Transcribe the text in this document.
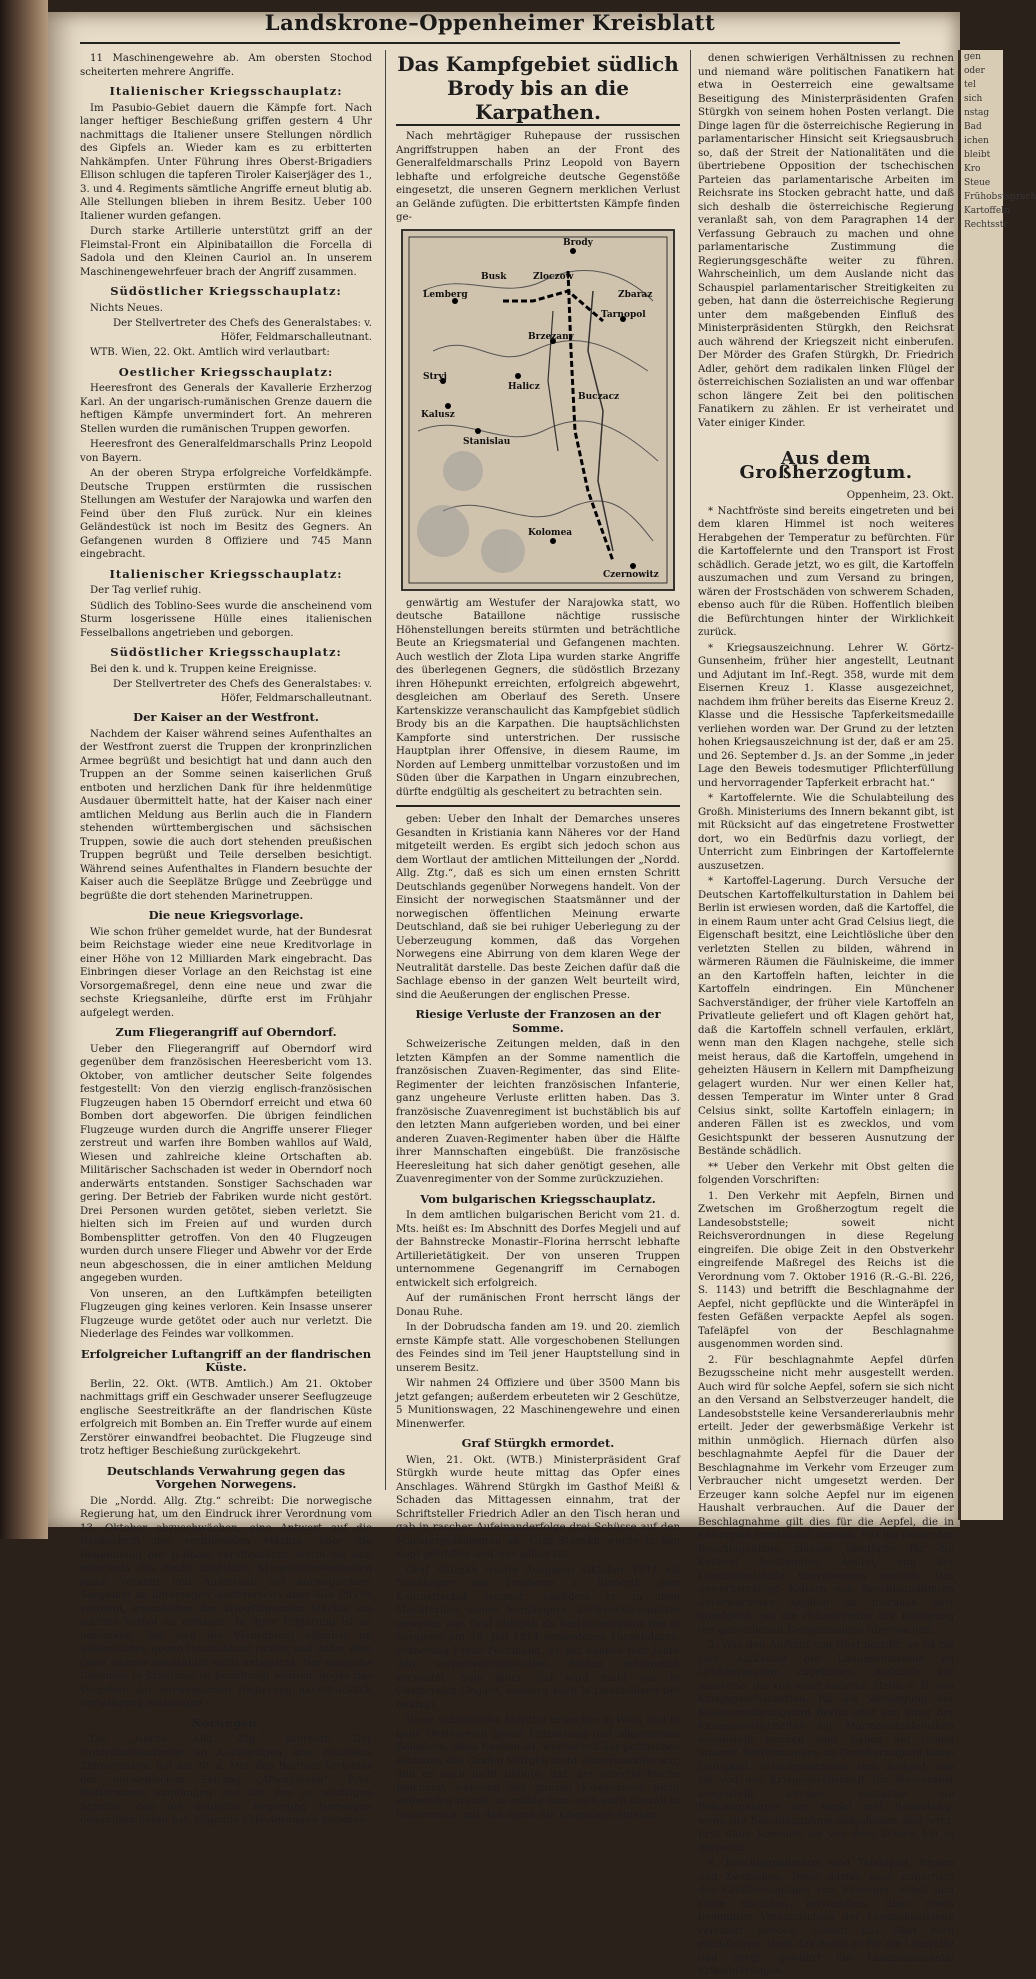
gen
oder
tel
sich
nstag
Bad
ichen
bleibt
Kro
Steue
Frühobstsprech
Kartoffeln
Rechtsstr.
Landskrone–Oppenheimer Kreisblatt

11 Maschinengewehre ab. Am obersten Stochod scheiterten mehrere Angriffe.

Italienischer Kriegsschauplatz:

Im Pasubio-Gebiet dauern die Kämpfe fort. Nach langer heftiger Beschießung griffen gestern 4 Uhr nachmittags die Italiener unsere Stellungen nördlich des Gipfels an. Wieder kam es zu erbitterten Nahkämpfen. Unter Führung ihres Oberst-Brigadiers Ellison schlugen die tapferen Tiroler Kaiserjäger des 1., 3. und 4. Regiments sämtliche Angriffe erneut blutig ab. Alle Stellungen blieben in ihrem Besitz. Ueber 100 Italiener wurden gefangen.

Durch starke Artillerie unterstützt griff an der Fleimstal-Front ein Alpinibataillon die Forcella di Sadola und den Kleinen Cauriol an. In unserem Maschinengewehrfeuer brach der Angriff zusammen.

Südöstlicher Kriegsschauplatz:

Nichts Neues.

Der Stellvertreter des Chefs des Generalstabes: v. Höfer, Feldmarschalleutnant.

WTB. Wien, 22. Okt. Amtlich wird verlautbart:

Oestlicher Kriegsschauplatz:

Heeresfront des Generals der Kavallerie Erzherzog Karl. An der ungarisch-rumänischen Grenze dauern die heftigen Kämpfe unvermindert fort. An mehreren Stellen wurden die rumänischen Truppen geworfen.

Heeresfront des Generalfeldmarschalls Prinz Leopold von Bayern.

An der oberen Strypa erfolgreiche Vorfeldkämpfe. Deutsche Truppen erstürmten die russischen Stellungen am Westufer der Narajowka und warfen den Feind über den Fluß zurück. Nur ein kleines Geländestück ist noch im Besitz des Gegners. An Gefangenen wurden 8 Offiziere und 745 Mann eingebracht.

Italienischer Kriegsschauplatz:

Der Tag verlief ruhig.

Südlich des Toblino-Sees wurde die anscheinend vom Sturm losgerissene Hülle eines italienischen Fesselballons angetrieben und geborgen.

Südöstlicher Kriegsschauplatz:

Bei den k. und k. Truppen keine Ereignisse.

Der Stellvertreter des Chefs des Generalstabes: v. Höfer, Feldmarschalleutnant.

Der Kaiser an der Westfront.

Nachdem der Kaiser während seines Aufenthaltes an der Westfront zuerst die Truppen der kronprinzlichen Armee begrüßt und besichtigt hat und dann auch den Truppen an der Somme seinen kaiserlichen Gruß entboten und herzlichen Dank für ihre heldenmütige Ausdauer übermittelt hatte, hat der Kaiser nach einer amtlichen Meldung aus Berlin auch die in Flandern stehenden württembergischen und sächsischen Truppen, sowie die auch dort stehenden preußischen Truppen begrüßt und Teile derselben besichtigt. Während seines Aufenthaltes in Flandern besuchte der Kaiser auch die Seeplätze Brügge und Zeebrügge und begrüßte die dort stehenden Marinetruppen.

Die neue Kriegsvorlage.

Wie schon früher gemeldet wurde, hat der Bundesrat beim Reichstage wieder eine neue Kreditvorlage in einer Höhe von 12 Milliarden Mark eingebracht. Das Einbringen dieser Vorlage an den Reichstag ist eine Vorsorgemaßregel, denn eine neue und zwar die sechste Kriegsanleihe, dürfte erst im Frühjahr aufgelegt werden.

Zum Fliegerangriff auf Oberndorf.

Ueber den Fliegerangriff auf Oberndorf wird gegenüber dem französischen Heeresbericht vom 13. Oktober, von amtlicher deutscher Seite folgendes festgestellt: Von den vierzig englisch-französischen Flugzeugen haben 15 Oberndorf erreicht und etwa 60 Bomben dort abgeworfen. Die übrigen feindlichen Flugzeuge wurden durch die Angriffe unserer Flieger zerstreut und warfen ihre Bomben wahllos auf Wald, Wiesen und zahlreiche kleine Ortschaften ab. Militärischer Sachschaden ist weder in Oberndorf noch anderwärts entstanden. Sonstiger Sachschaden war gering. Der Betrieb der Fabriken wurde nicht gestört. Drei Personen wurden getötet, sieben verletzt. Sie hielten sich im Freien auf und wurden durch Bombensplitter getroffen. Von den 40 Flugzeugen wurden durch unsere Flieger und Abwehr vor der Erde neun abgeschossen, die in einer amtlichen Meldung angegeben wurden.

Von unseren, an den Luftkämpfen beteiligten Flugzeugen ging keines verloren. Kein Insasse unserer Flugzeuge wurde getötet oder auch nur verletzt. Die Niederlage des Feindes war vollkommen.

Erfolgreicher Luftangriff an der flandrischen Küste.

Berlin, 22. Okt. (WTB. Amtlich.) Am 21. Oktober nachmittags griff ein Geschwader unserer Seeflugzeuge englische Seestreitkräfte an der flandrischen Küste erfolgreich mit Bomben an. Ein Treffer wurde auf einem Zerstörer einwandfrei beobachtet. Die Flugzeuge sind trotz heftiger Beschießung zurückgekehrt.

Deutschlands Verwahrung gegen das Vorgehen Norwegens.

Die „Nordd. Allg. Ztg.“ schreibt: Die norwegische Regierung hat, um den Eindruck ihrer Verordnung vom 13. Oktober abzuschwächen, eine Antwort auf die Denkschrift der verbündeten Mächte, über die Behandlung der U-Boote veröffentlicht, worin sie sich einerseits das Recht zuspricht, Kriegsunterseebooten jeden Verkehr und Aufenthalt auf norwegischem Seegebiet zu untersagen, andererseits aber ihre Pflicht verneint, irgendeiner der kriegführenden Mächte ein solches Verbot zu erlassen. In ihrer Erklärung ist zu bemerken, daß sich die Verordnung offenbar im wesentlichen gegen Deutschland richtet und daher dem Geist wahrer Neutralität nicht entspricht. Der deutsche Gesandte in Kristiania ist beauftragt worden, gegen das Vorgehen der norwegischen Regierung nachdrücklich Verwahrung einzulegen.

Norwegen.

Die „Nordd. Allg. Ztg.“ schreibt: Der Unterstaatssekretär im Auswärtigen Amt Exzellenz Zimmermann, hat am 20. d. Mts. den Berliner Vertreter der norwegischen Zeitung „Aftenposten“, Prof. Hottermann, empfangen und hat ihm zu wichtigen Schritte, den die deutsche Regierung Norwegen gegenüber getan hat, folgende Erläuterungen gegeben:

Das Kampfgebiet südlich Brody bis an die Karpathen.

Nach mehrtägiger Ruhepause der russischen Angriffstruppen haben an der Front des Generalfeldmarschalls Prinz Leopold von Bayern lebhafte und erfolgreiche deutsche Gegenstöße eingesetzt, die unseren Gegnern merklichen Verlust an Gelände zufügten. Die erbittertsten Kämpfe finden ge-

Brody
Lemberg
Tarnopol
Brzezany
Stryj
Kalusz
Stanislau
Kolomea
Czernowitz
Busk	Zloczow
Halicz
Buczacz
Zbaraz

genwärtig am Westufer der Narajowka statt, wo deutsche Bataillone nächtige russische Höhenstellungen bereits stürmten und beträchtliche Beute an Kriegsmaterial und Gefangenen machten. Auch westlich der Zlota Lipa wurden starke Angriffe des überlegenen Gegners, die südöstlich Brzezany ihren Höhepunkt erreichten, erfolgreich abgewehrt, desgleichen am Oberlauf des Sereth. Unsere Kartenskizze veranschaulicht das Kampfgebiet südlich Brody bis an die Karpathen. Die hauptsächlichsten Kampforte sind unterstrichen. Der russische Hauptplan ihrer Offensive, in diesem Raume, im Norden auf Lemberg unmittelbar vorzustoßen und im Süden über die Karpathen in Ungarn einzubrechen, dürfte endgültig als gescheitert zu betrachten sein.

geben: Ueber den Inhalt der Demarches unseres Gesandten in Kristiania kann Näheres vor der Hand mitgeteilt werden. Es ergibt sich jedoch schon aus dem Wortlaut der amtlichen Mitteilungen der „Nordd. Allg. Ztg.“, daß es sich um einen ernsten Schritt Deutschlands gegenüber Norwegens handelt. Von der Einsicht der norwegischen Staatsmänner und der norwegischen öffentlichen Meinung erwarte Deutschland, daß sie bei ruhiger Ueberlegung zu der Ueberzeugung kommen, daß das Vorgehen Norwegens eine Abirrung von dem klaren Wege der Neutralität darstelle. Das beste Zeichen dafür daß die Sachlage ebenso in der ganzen Welt beurteilt wird, sind die Aeußerungen der englischen Presse.

Riesige Verluste der Franzosen an der Somme.

Schweizerische Zeitungen melden, daß in den letzten Kämpfen an der Somme namentlich die französischen Zuaven-Regimenter, das sind Elite-Regimenter der leichten französischen Infanterie, ganz ungeheure Verluste erlitten haben. Das 3. französische Zuavenregiment ist buchstäblich bis auf den letzten Mann aufgerieben worden, und bei einer anderen Zuaven-Regimenter haben über die Hälfte ihrer Mannschaften eingebüßt. Die französische Heeresleitung hat sich daher genötigt gesehen, alle Zuavenregimenter von der Somme zurückzuziehen.

Vom bulgarischen Kriegsschauplatz.

In dem amtlichen bulgarischen Bericht vom 21. d. Mts. heißt es: Im Abschnitt des Dorfes Megjeli und auf der Bahnstrecke Monastir–Florina herrscht lebhafte Artillerietätigkeit. Der von unseren Truppen unternommene Gegenangriff im Cernabogen entwickelt sich erfolgreich.

Auf der rumänischen Front herrscht längs der Donau Ruhe.

In der Dobrudscha fanden am 19. und 20. ziemlich ernste Kämpfe statt. Alle vorgeschobenen Stellungen des Feindes sind im Teil jener Hauptstellung sind in unserem Besitz.

Wir nahmen 24 Offiziere und über 3500 Mann bis jetzt gefangen; außerdem erbeuteten wir 2 Geschütze, 5 Munitionswagen, 22 Maschinengewehre und einen Minenwerfer.

Graf Stürgkh ermordet.

Wien, 21. Okt. (WTB.) Ministerpräsident Graf Stürgkh wurde heute mittag das Opfer eines Anschlages. Während Stürgkh im Gasthof Meißl & Schaden das Mittagessen einnahm, trat der Schriftsteller Friedrich Adler an den Tisch heran und gab in rascher Aufeinanderfolge drei Schüsse auf den Ministerpräsidenten ab. Graf Stürgkh wurde in den Kopf getroffen und war sofort tot.

Graf Stürgkh wurde Ausgangs Oktober 1911 als Nachfolger des Freiherrn v. Bienerth zum Kabinettschef ernannt, nachdem er in dem Ministerium seines Vorgängers, Unterrichtsminister gewesen war. Graf Stürgkh als Bertrauensmann des in Serajewo am 28. Juli 1914 ermordeten Thronfolgers, Erzherzog Franz Ferdinand. Er hat nahezu fünf Jahre den verantwortungsvollen Posten erfolgreich verwaltet. Sein jäher Tod wird nicht nur in Oesterreich-Ungarn, sondern auch in Deutschland tief beklagt.

Diese schändliche Mordtat erweckte in Wien und in ganz Oesterreich große Entrüstung und allgemeines Bedauern, denn handen ist, welche mit der politischen Richtung des Grafen Stürgkh nicht einverstanden war, und es auch nicht billigte, daß der österreichische Reichsrat während der ganzen Kriegsdauer nicht einberufen wurde, so müßte man doch auch überall in Oesterreich, mit den durch die Kriegslage entstan-

denen schwierigen Verhältnissen zu rechnen und niemand wäre politischen Fanatikern hat etwa in Oesterreich eine gewaltsame Beseitigung des Ministerpräsidenten Grafen Stürgkh von seinem hohen Posten verlangt. Die Dinge lagen für die österreichische Regierung in parlamentarischer Hinsicht seit Kriegsausbruch so, daß der Streit der Nationalitäten und die übertriebene Opposition der tschechischen Parteien das parlamentarische Arbeiten im Reichsrate ins Stocken gebracht hatte, und daß sich deshalb die österreichische Regierung veranlaßt sah, von dem Paragraphen 14 der Verfassung Gebrauch zu machen und ohne parlamentarische Zustimmung die Regierungsgeschäfte weiter zu führen. Wahrscheinlich, um dem Auslande nicht das Schauspiel parlamentarischer Streitigkeiten zu geben, hat dann die österreichische Regierung unter dem maßgebenden Einfluß des Ministerpräsidenten Stürgkh, den Reichsrat auch während der Kriegszeit nicht einberufen. Der Mörder des Grafen Stürgkh, Dr. Friedrich Adler, gehört dem radikalen linken Flügel der österreichischen Sozialisten an und war offenbar schon längere Zeit bei den politischen Fanatikern zu zählen. Er ist verheiratet und Vater einiger Kinder.

Aus dem Großherzogtum.

Oppenheim, 23. Okt.

* Nachtfröste sind bereits eingetreten und bei dem klaren Himmel ist noch weiteres Herabgehen der Temperatur zu befürchten. Für die Kartoffelernte und den Transport ist Frost schädlich. Gerade jetzt, wo es gilt, die Kartoffeln auszumachen und zum Versand zu bringen, wären der Frostschäden von schwerem Schaden, ebenso auch für die Rüben. Hoffentlich bleiben die Befürchtungen hinter der Wirklichkeit zurück.

* Kriegsauszeichnung. Lehrer W. Görtz-Gunsenheim, früher hier angestellt, Leutnant und Adjutant im Inf.-Regt. 358, wurde mit dem Eisernen Kreuz 1. Klasse ausgezeichnet, nachdem ihm früher bereits das Eiserne Kreuz 2. Klasse und die Hessische Tapferkeitsmedaille verliehen worden war. Der Grund zu der letzten hohen Kriegsauszeichnung ist der, daß er am 25. und 26. September d. Js. an der Somme „in jeder Lage den Beweis todesmutiger Pflichterfüllung und hervorragender Tapferkeit erbracht hat.“

* Kartoffelernte. Wie die Schulabteilung des Großh. Ministeriums des Innern bekannt gibt, ist mit Rücksicht auf das eingetretene Frostwetter dort, wo ein Bedürfnis dazu vorliegt, der Unterricht zum Einbringen der Kartoffelernte auszusetzen.

* Kartoffel-Lagerung. Durch Versuche der Deutschen Kartoffelkulturstation in Dahlem bei Berlin ist erwiesen worden, daß die Kartoffel, die in einem Raum unter acht Grad Celsius liegt, die Eigenschaft besitzt, eine Leichtlösliche über den verletzten Stellen zu bilden, während in wärmeren Räumen die Fäulniskeime, die immer an den Kartoffeln haften, leichter in die Kartoffeln eindringen. Ein Münchener Sachverständiger, der früher viele Kartoffeln an Privatleute geliefert und oft Klagen gehört hat, daß die Kartoffeln schnell verfaulen, erklärt, wenn man den Klagen nachgehe, stelle sich meist heraus, daß die Kartoffeln, umgehend in geheizten Häusern in Kellern mit Dampfheizung gelagert wurden. Nur wer einen Keller hat, dessen Temperatur im Winter unter 8 Grad Celsius sinkt, sollte Kartoffeln einlagern; in anderen Fällen ist es zwecklos, und vom Gesichtspunkt der besseren Ausnutzung der Bestände schädlich.

** Ueber den Verkehr mit Obst gelten die folgenden Vorschriften:

1. Den Verkehr mit Aepfeln, Birnen und Zwetschen im Großherzogtum regelt die Landesobststelle; soweit nicht Reichsverordnungen in diese Regelung eingreifen. Die obige Zeit in den Obstverkehr eingreifende Maßregel des Reichs ist die Verordnung vom 7. Oktober 1916 (R.-G.-Bl. 226, S. 1143) und betrifft die Beschlagnahme der Aepfel, nicht gepflückte und die Winteräpfel in festen Gefäßen verpackte Aepfel als sogen. Tafeläpfel von der Beschlagnahme ausgenommen worden sind.

2. Für beschlagnahmte Aepfel dürfen Bezugsscheine nicht mehr ausgestellt werden. Auch wird für solche Aepfel, sofern sie sich nicht an den Versand an Selbstverzeuger handelt, die Landesobststelle keine Versandererlaubnis mehr erteilt. Jeder der gewerbsmäßige Verkehr ist mithin unmöglich. Hiernach dürfen also beschlagnahmte Aepfel für die Dauer der Beschlagnahme im Verkehr vom Erzeuger zum Verbraucher nicht umgesetzt werden. Der Erzeuger kann solche Aepfel nur im eigenen Haushalt verbrauchen. Auf die Dauer der Beschlagnahme gilt dies für die Aepfel, die in Keltereien verarbeitet werden. Für die Dauer der Beschlagnahme müssen sämtliche für die Kelterei bestimmten Aepfel, von der Landesobststelle übernommen werden. Das gewerbsmäßige Keltern von Beschlagnahmten unterworfenen Aepfeln ist hiernach dort unmöglich, wo die Polizeiorgane der Befolgung der gesetzlichen Bestimmungen überwachen.

3. Was den Aufkauf von Obst betrifft, so ist bis zum Aufkäufer der Landesobststelle im Großherzogtum zugelassen. Aufkäufe auf Ausweise, die von einer anderen Stelle, z. B. von Kriegsgesellschaften, für die Versorgung der Kriegsernährungsamt Berlin oder von einer der Kriegsgesellschaften zur Marmeladenfabriken ausgestellt worden sind, haben auf Grund unserer Bestimmungen im Großherzogtum keine Gültigkeit. Erlaubnisscheine zum Aufkauf, wie sie von der Kriegsgesellschaft für Wasserobst ausgestellt werden, enthalten die Beschlagnahme der Aepfel erst Bedeutung, wenn die Beschlagnahme aufgehoben sein wird. Erst dann kommen sie von dem Schein hin in Betracht.

4. Beschlagnahmerei sind Tafeläpfel, Birnen und Zwetschen. Diese dürfen nach außerhalb des Großherzogtums von Erzeuger selbst und seine nächsten Verwandten, über einen benannten Versandschein der Landesobststelle versandt werden. Soweit das Obst wird einzuführen, steht das Recht zu für die Lazarette und dergl. gewährt die Landesobststelle Erleichterungen.
